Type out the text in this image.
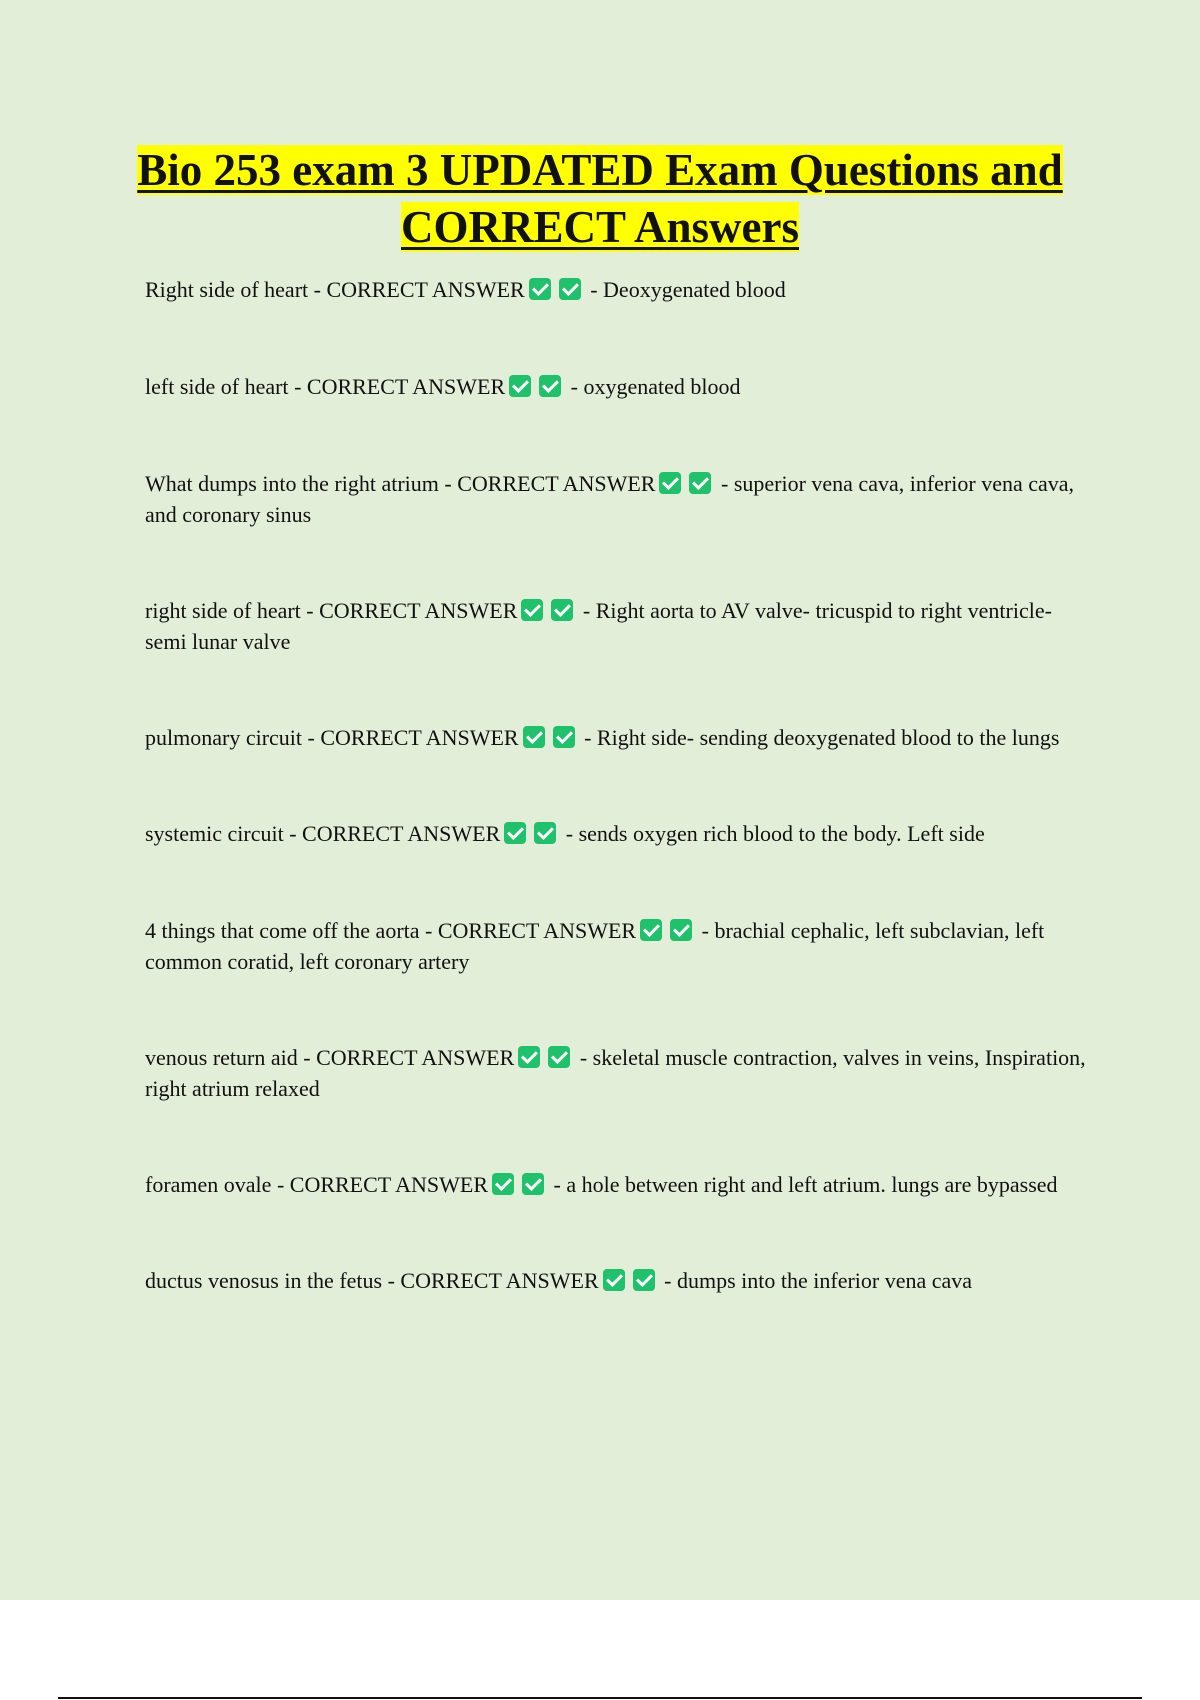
Bio 253 exam 3 UPDATED Exam Questions and CORRECT Answers
Right side of heart - CORRECT ANSWER	- Deoxygenated blood
left side of heart - CORRECT ANSWER	- oxygenated blood
What dumps into the right atrium - CORRECT ANSWER	- superior vena cava, inferior vena cava, and coronary sinus
right side of heart - CORRECT ANSWER	- Right aorta to AV valve- tricuspid to right ventricle- semi lunar valve
pulmonary circuit - CORRECT ANSWER	- Right side- sending deoxygenated blood to the lungs
systemic circuit - CORRECT ANSWER	- sends oxygen rich blood to the body. Left side
4 things that come off the aorta - CORRECT ANSWER	- brachial cephalic, left subclavian, left common coratid, left coronary artery
venous return aid - CORRECT ANSWER	- skeletal muscle contraction, valves in veins, Inspiration, right atrium relaxed
foramen ovale - CORRECT ANSWER	- a hole between right and left atrium. lungs are bypassed
ductus venosus in the fetus - CORRECT ANSWER	- dumps into the inferior vena cava
